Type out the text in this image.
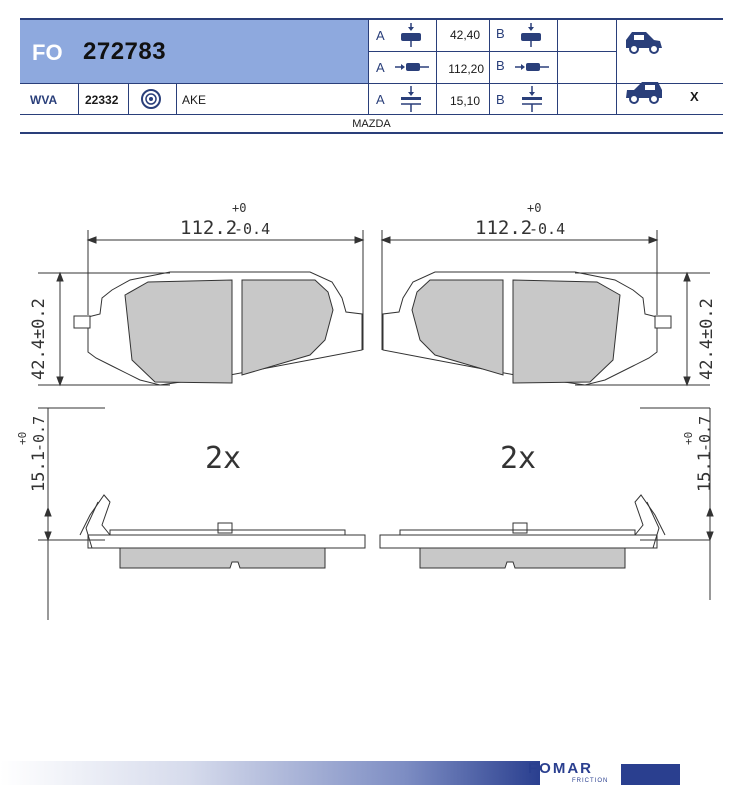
FO 272783
WVA 22332	AKE
A	42,40 B
A	112,20 B
A	15,10 B	X
MAZDA
112.2
+0
-0.4	112.2
+0
-0.4
42.4±0.2	42.4±0.2
15.1
+0 -0.7
15.1
+0 -0.7
2x	2x
FOMAR
FRICTION
